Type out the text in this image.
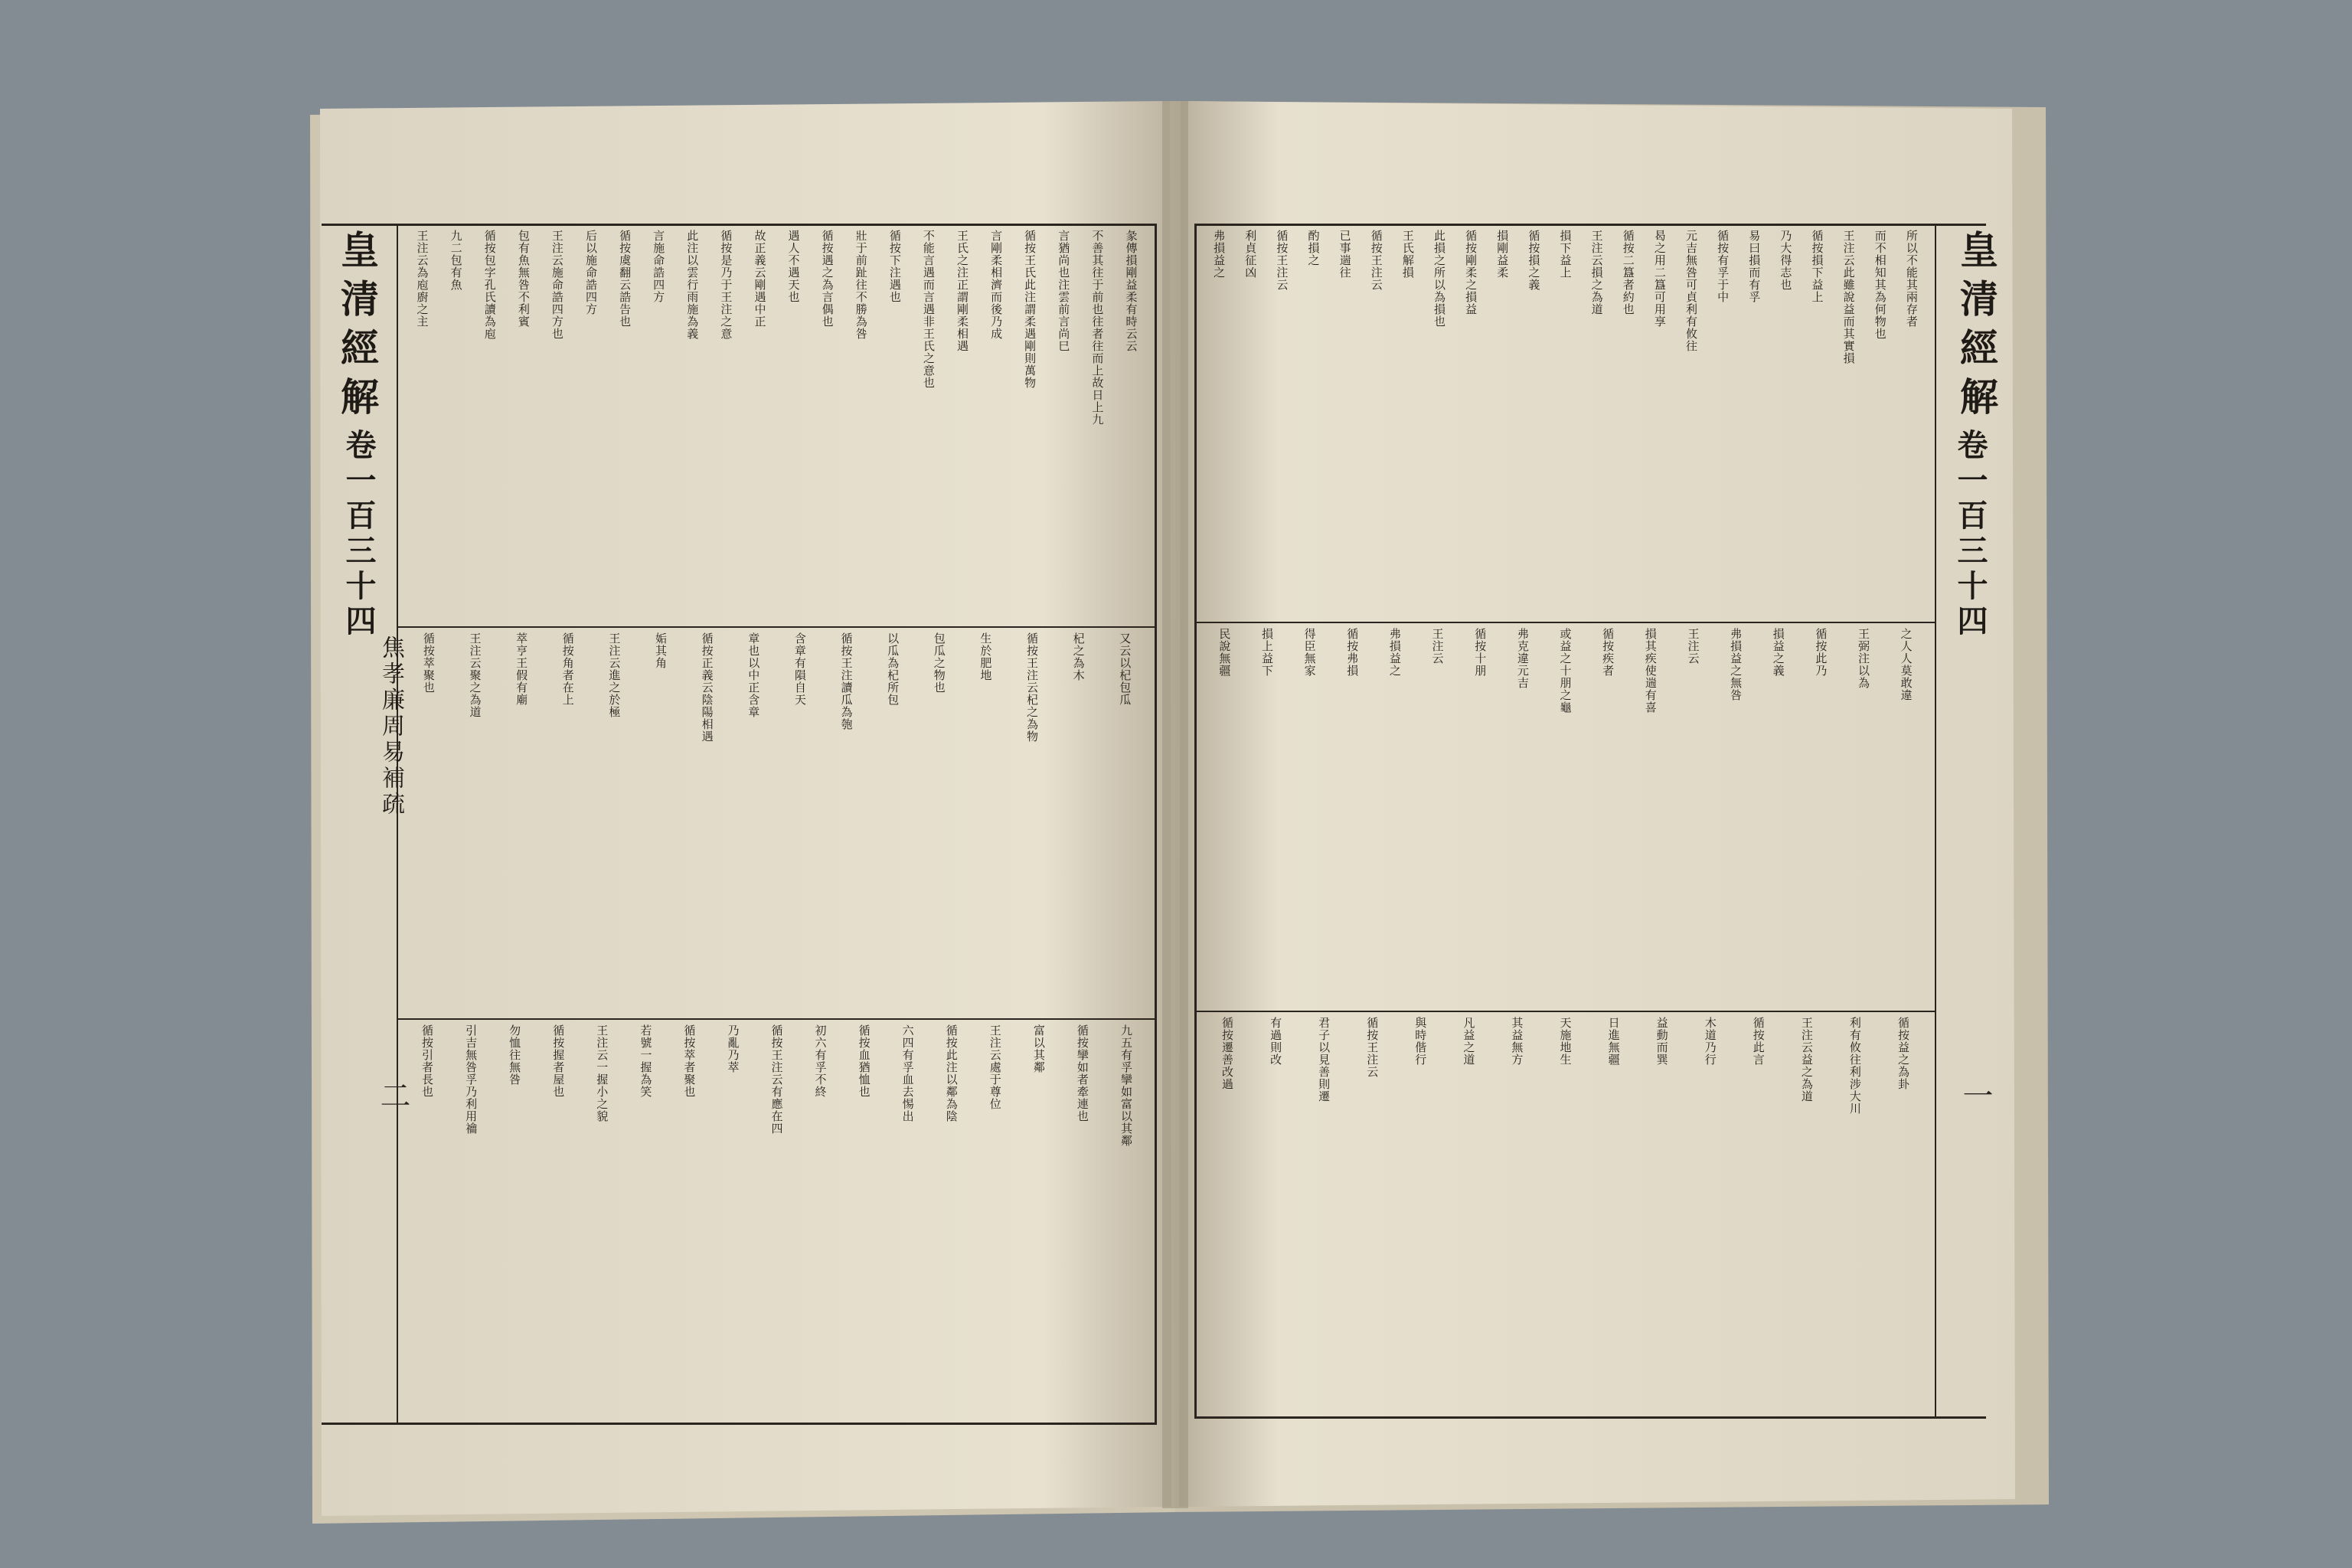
皇清經解
卷一百三十四
焦孝廉周易補疏
二
皇清經解
卷一百三十四
一
彖傳損剛益柔有時云云
不善其往于前也往者往而上故日上九
言猶尚也注雲前言尚巳
循按王氏此注謂柔遇剛則萬物
言剛柔相濟而後乃成
王氏之注正謂剛柔相遇
不能言遇而言遇非王氏之意也
循按下注遇也
壯于前趾往不勝為咎
循按遇之為言偶也
遇人不遇天也
故正義云剛遇中正
循按是乃于王注之意
此注以雲行雨施為義
言施命誥四方
循按虞翻云誥告也
后以施命誥四方
王注云施命誥四方也
包有魚無咎不利賓
循按包字孔氏讀為庖
九二包有魚
王注云為庖廚之主
又云以杞包瓜
杞之為木
循按王注云杞之為物
生於肥地
包瓜之物也
以瓜為杞所包
循按王注讀瓜為匏
含章有隕自天
章也以中正含章
循按正義云陰陽相遇
姤其角
王注云進之於極
循按角者在上
萃亨王假有廟
王注云聚之為道
循按萃聚也
九五有孚攣如富以其鄰
循按攣如者牽連也
富以其鄰
王注云處于尊位
循按此注以鄰為陰
六四有孚血去惕出
循按血猶恤也
初六有孚不終
循按王注云有應在四
乃亂乃萃
循按萃者聚也
若號一握為笑
王注云一握小之貌
循按握者屋也
勿恤往無咎
引吉無咎孚乃利用禴
循按引者長也
所以不能其兩存者
而不相知其為何物也
王注云此雖說益而其實損
循按損下益上
乃大得志也
易曰損而有孚
循按有孚于中
元吉無咎可貞利有攸往
曷之用二簋可用享
循按二簋者約也
王注云損之為道
損下益上
循按損之義
損剛益柔
循按剛柔之損益
此損之所以為損也
王氏解損
循按王注云
已事遄往
酌損之
循按王注云
利貞征凶
弗損益之
之人人莫敢違
王弼注以為
循按此乃
損益之義
弗損益之無咎
王注云
損其疾使遄有喜
循按疾者
或益之十朋之龜
弗克違元吉
循按十朋
王注云
弗損益之
循按弗損
得臣無家
損上益下
民說無疆
循按益之為卦
利有攸往利涉大川
王注云益之為道
循按此言
木道乃行
益動而巽
日進無疆
天施地生
其益無方
凡益之道
與時偕行
循按王注云
君子以見善則遷
有過則改
循按遷善改過
